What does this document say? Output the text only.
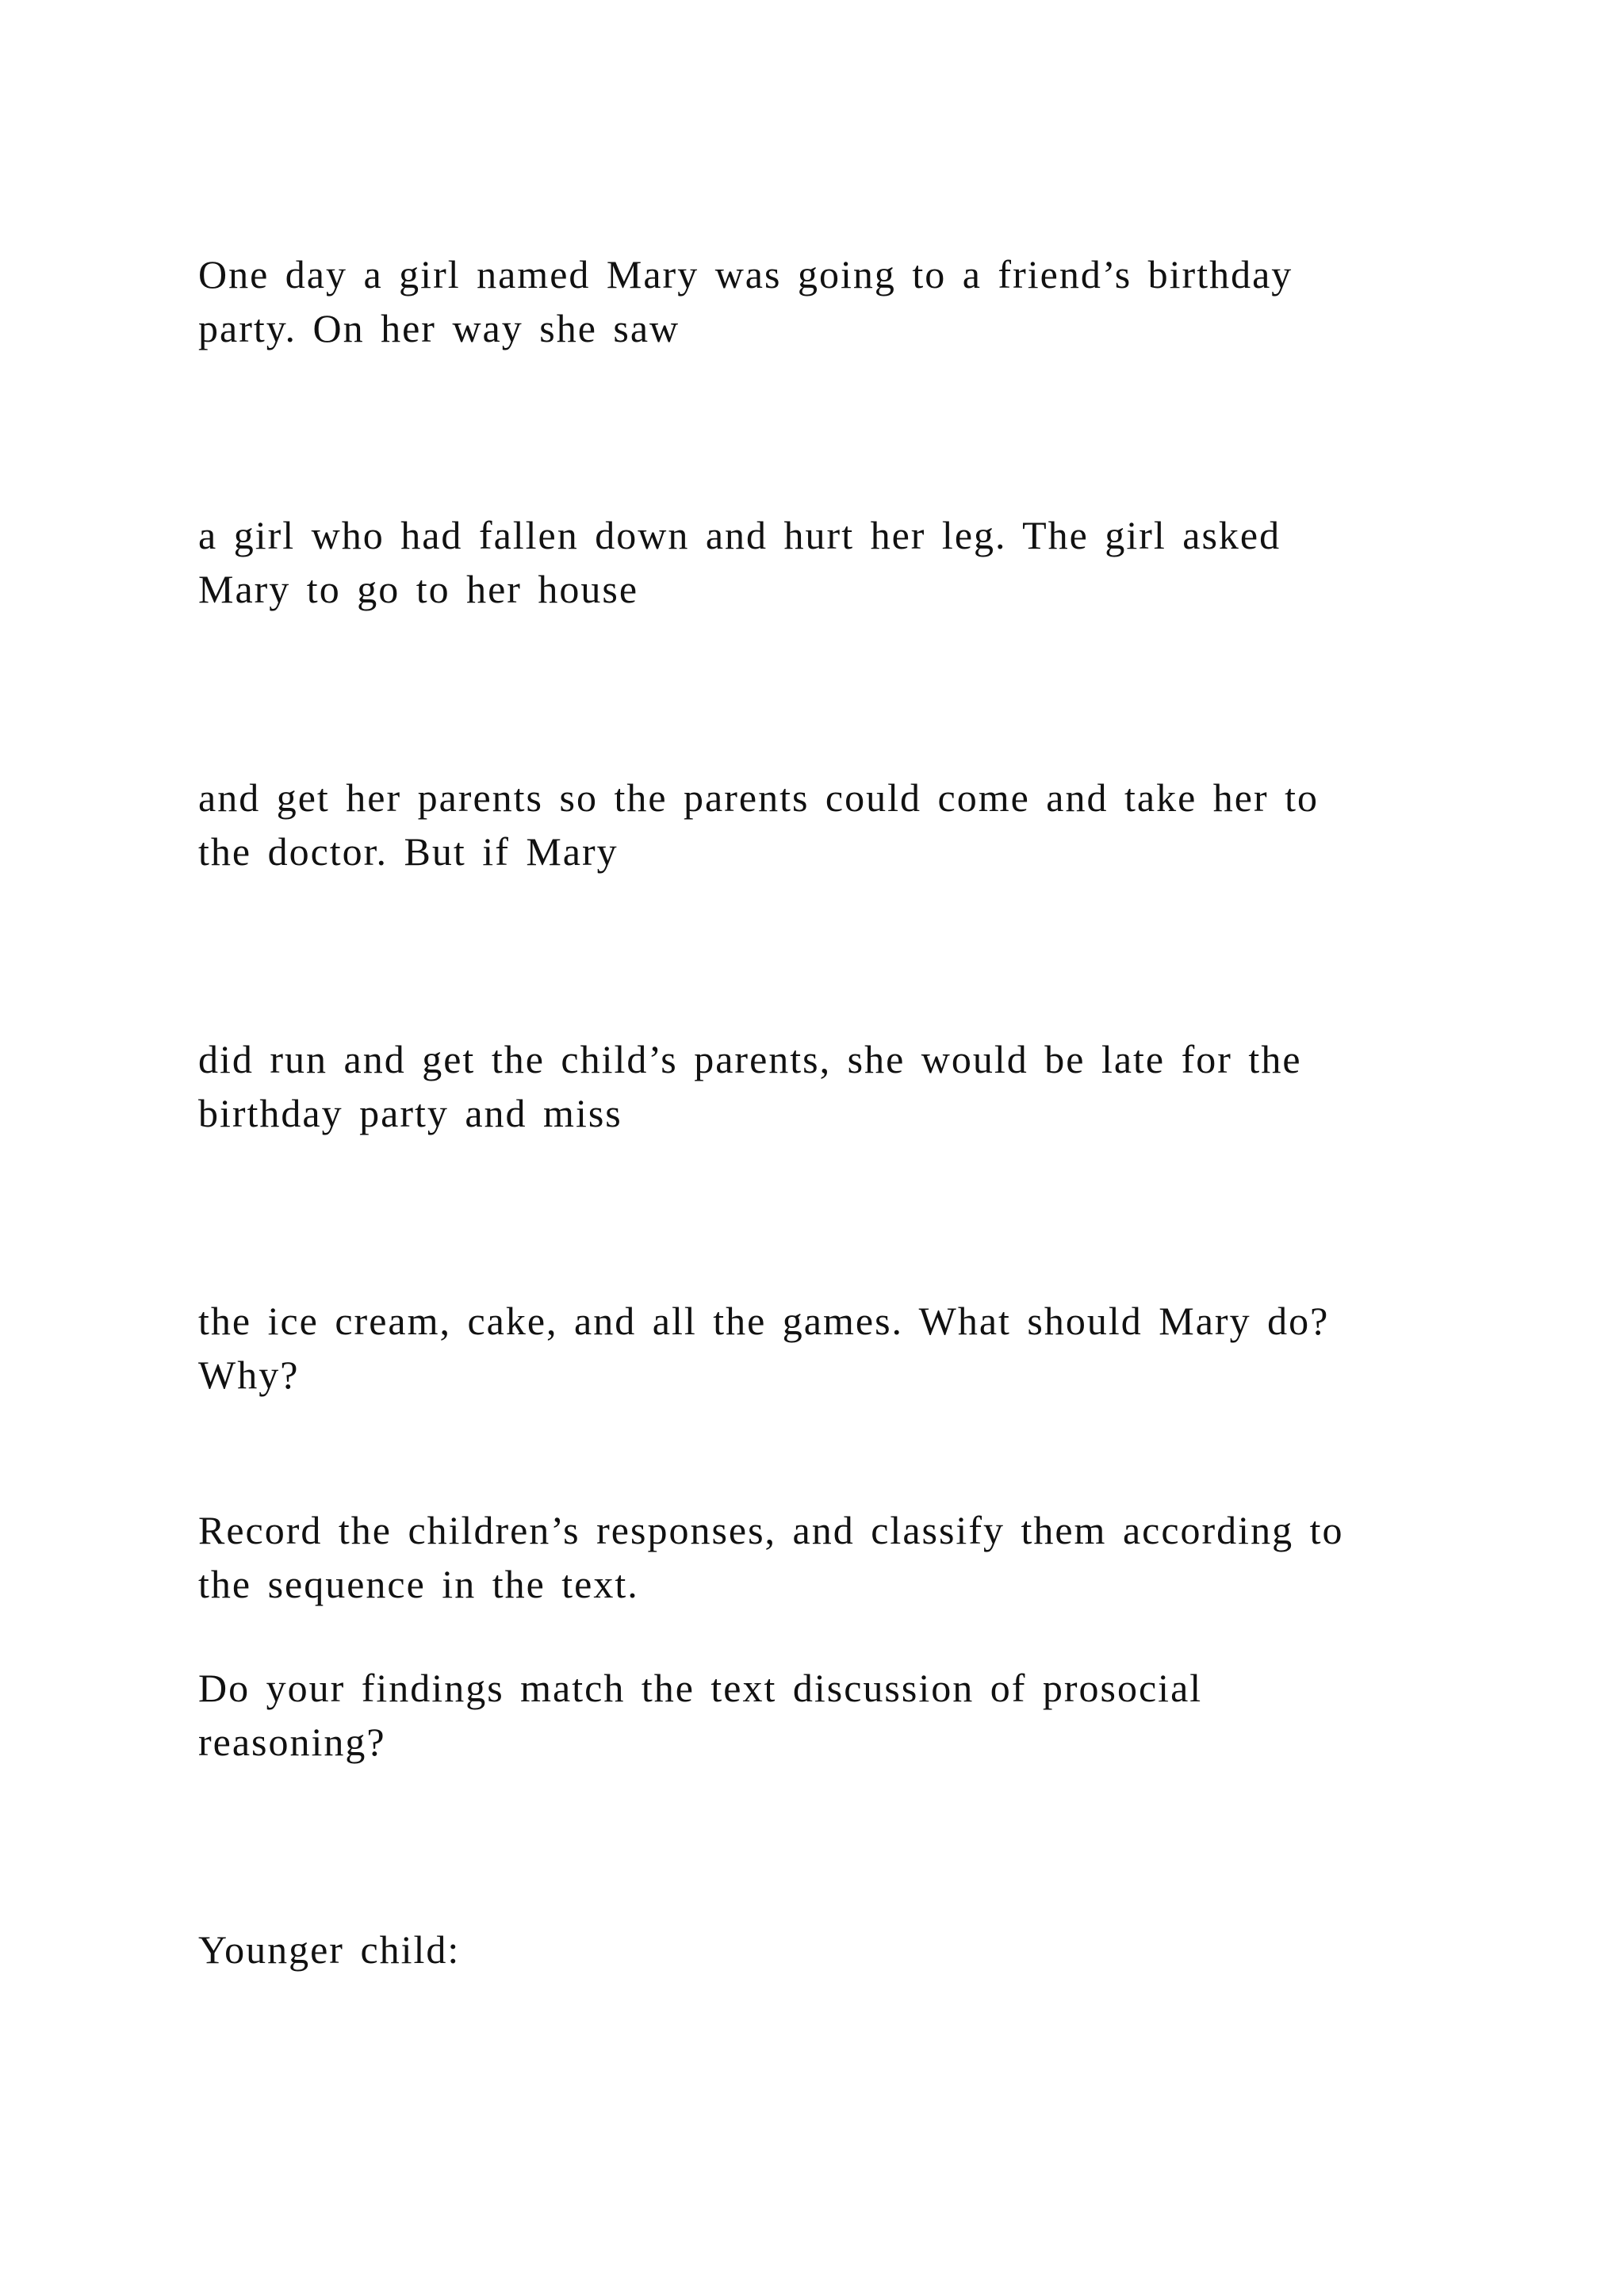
One day a girl named Mary was going to a friend’s birthday
party. On her way she saw

a girl who had fallen down and hurt her leg. The girl asked
Mary to go to her house

and get her parents so the parents could come and take her to
the doctor. But if Mary

did run and get the child’s parents, she would be late for the
birthday party and miss

the ice cream, cake, and all the games. What should Mary do?
Why?

Record the children’s responses, and classify them according to
the sequence in the text.

Do your findings match the text discussion of prosocial
reasoning?

Younger child:
